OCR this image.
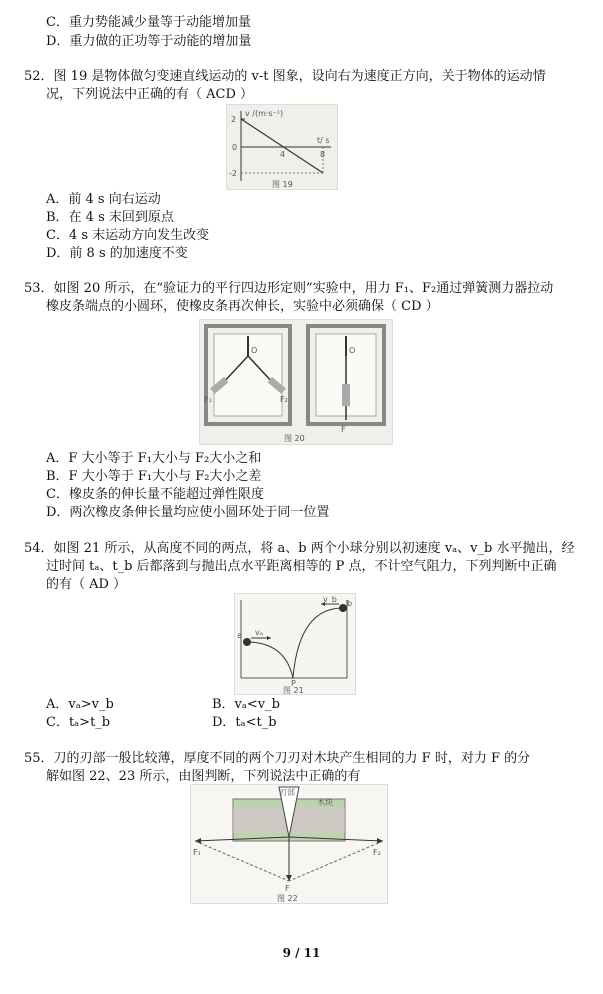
C．重力势能减少量等于动能增加量
D．重力做的正功等于动能的增加量
52．图 19 是物体做匀变速直线运动的 v-t 图象，设向右为速度正方向，关于物体的运动情
况，下列说法中正确的有（ ACD ）
2
-2
0
4	8
v /(m·s⁻¹)
t/ s
图 19
A．前 4 s 向右运动
B．在 4 s 末回到原点
C．4 s 末运动方向发生改变
D．前 8 s 的加速度不变
53．如图 20 所示，在“验证力的平行四边形定则”实验中，用力 F₁、F₂通过弹簧测力器拉动
橡皮条端点的小圆环，使橡皮条再次伸长，实验中必须确保（ CD ）
O
F₁	F₂
O
F
图 20
A．F 大小等于 F₁大小与 F₂大小之和
B．F 大小等于 F₁大小与 F₂大小之差
C．橡皮条的伸长量不能超过弹性限度
D．两次橡皮条伸长量均应使小圆环处于同一位置
54．如图 21 所示，从高度不同的两点，将 a、b 两个小球分别以初速度 vₐ、v_b 水平抛出，经
过时间 tₐ、t_b 后都落到与抛出点水平距离相等的 P 点，不计空气阻力，下列判断中正确
的有（ AD ）
a
b
vₐ
v_b
P
图 21
A．vₐ>v_b	B．vₐ<v_b
C．tₐ>t_b	D．tₐ<t_b
55．刀的刃部一般比较薄，厚度不同的两个刀刃对木块产生相同的力 F 时，对力 F 的分
解如图 22、23 所示，由图判断，下列说法中正确的有
刃部
木块
F₁	F₂
F
图 22
9 / 11
